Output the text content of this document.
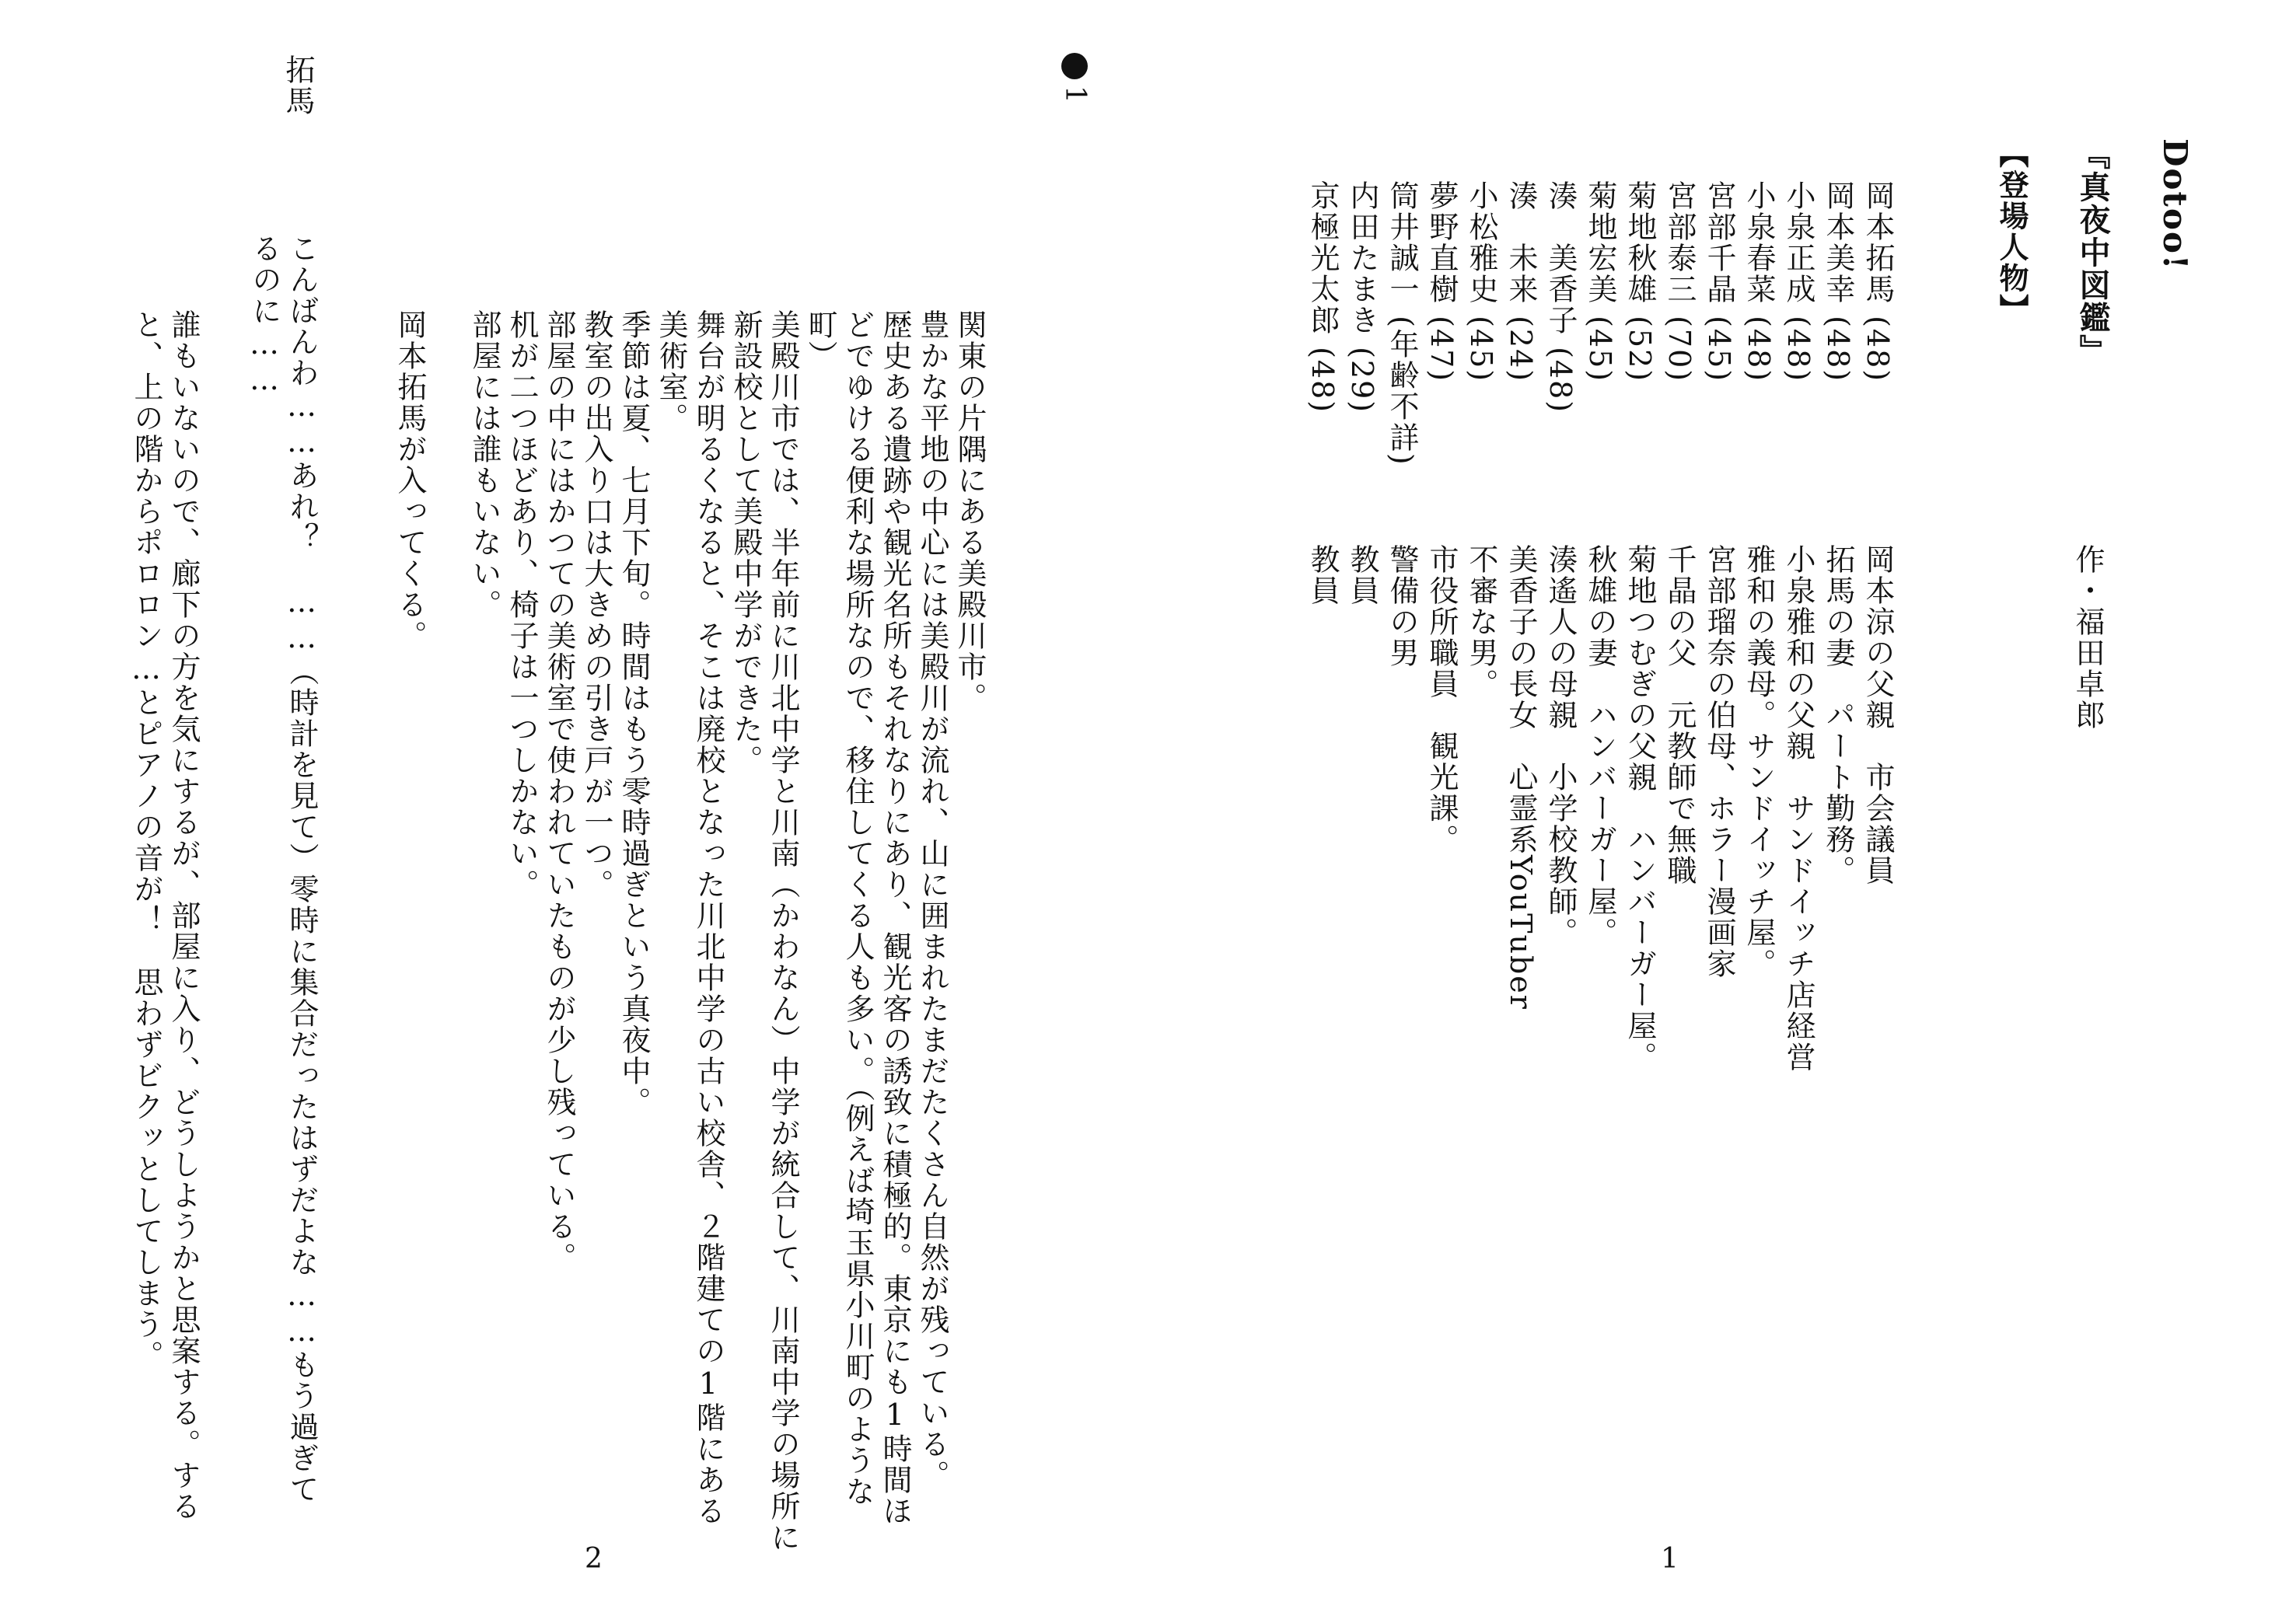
Dotoo!
『真夜中図鑑』
作・福田卓郎
【登場人物】
岡本拓馬 (48)
岡本涼の父親　市会議員
岡本美幸 (48)
拓馬の妻　パート勤務。
小泉正成 (48)
小泉雅和の父親　サンドイッチ店経営
小泉春菜 (48)
雅和の義母。サンドイッチ屋。
宮部千晶 (45)
宮部瑠奈の伯母、ホラー漫画家
宮部泰三 (70)
千晶の父　元教師で無職
菊地秋雄 (52)
菊地つむぎの父親　ハンバーガー屋。
菊地宏美 (45)
秋雄の妻　ハンバーガー屋。
湊　美香子 (48)
湊遙人の母親　小学校教師。
湊　未来 (24)
美香子の長女　心霊系YouTuber
小松雅史 (45)
不審な男。
夢野直樹 (47)
市役所職員　観光課。
筒井誠一 (年齢不詳)
警備の男
内田たまき (29)
教員
京極光太郎 (48)
教員
1
1

関東の片隅にある美殿川市。

豊かな平地の中心には美殿川が流れ、山に囲まれたまだたくさん自然が残っている。

歴史ある遺跡や観光名所もそれなりにあり、観光客の誘致に積極的。東京にも1時間ほどでゆける便利な場所なので、移住してくる人も多い。（例えば埼玉県小川町のような町）

美殿川市では、半年前に川北中学と川南（かわなん）中学が統合して、川南中学の場所に新設校として美殿中学ができた。

舞台が明るくなると、そこは廃校となった川北中学の古い校舎、２階建ての1階にある美術室。

季節は夏、七月下旬。時間はもう零時過ぎという真夜中。

教室の出入り口は大きめの引き戸が一つ。

部屋の中にはかつての美術室で使われていたものが少し残っている。

机が二つほどあり、椅子は一つしかない。

部屋には誰もいない。

岡本拓馬が入ってくる。

拓馬
こんばんわ……あれ？　……（時計を見て）零時に集合だったはずだよな……もう過ぎてるのに……
誰もいないので、廊下の方を気にするが、部屋に入り、どうしようかと思案する。すると、上の階からポロロン…とピアノの音が！　思わずビクッとしてしまう。
2
